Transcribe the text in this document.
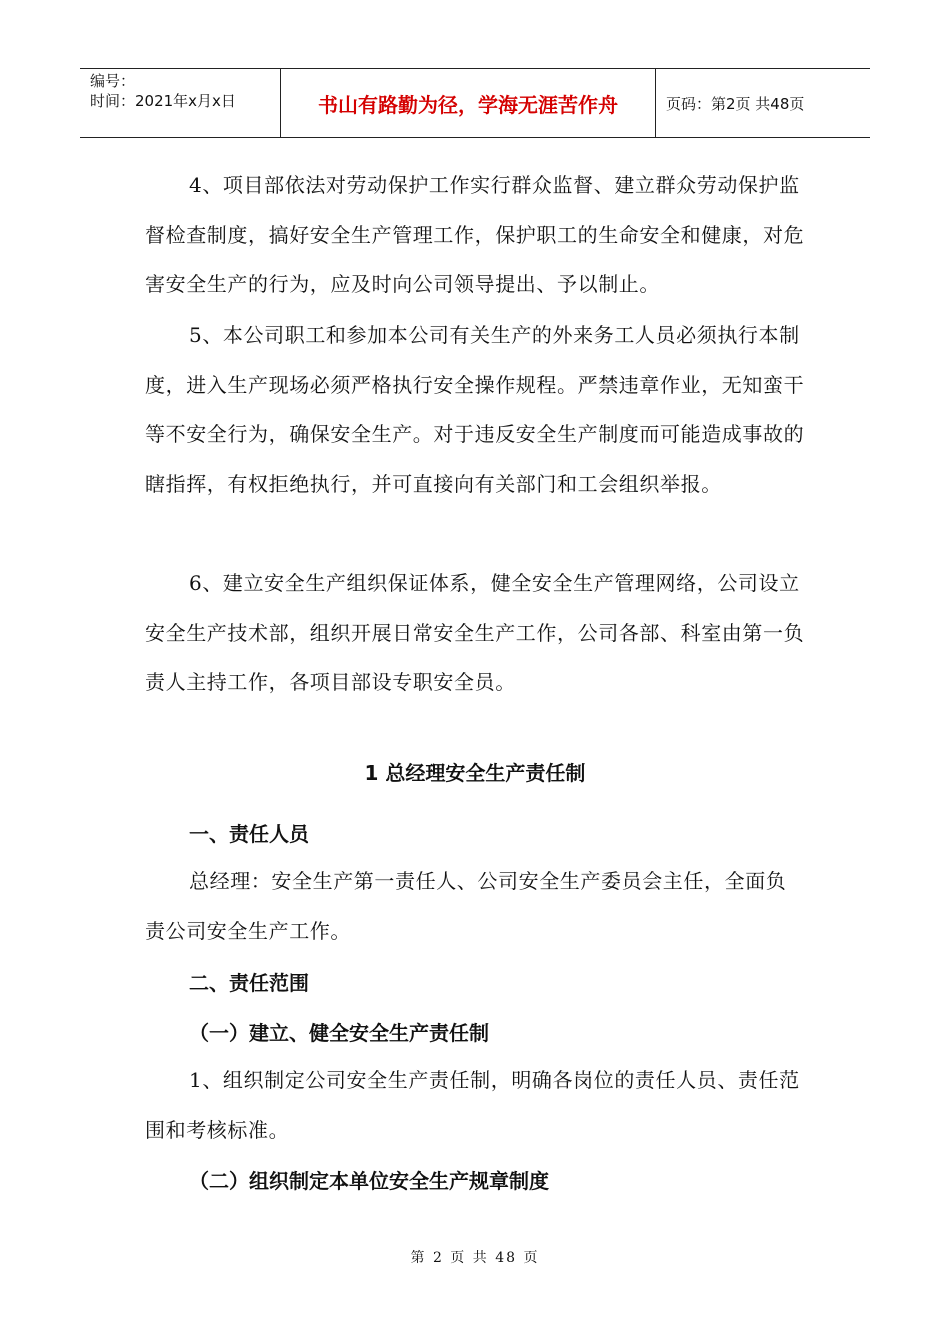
编号：
时间：2021年x月x日	书山有路勤为径，学海无涯苦作舟	页码：第2页 共48页

4、项目部依法对劳动保护工作实行群众监督、建立群众劳动保护监督检查制度，搞好安全生产管理工作，保护职工的生命安全和健康，对危害安全生产的行为，应及时向公司领导提出、予以制止。

5、本公司职工和参加本公司有关生产的外来务工人员必须执行本制度，进入生产现场必须严格执行安全操作规程。严禁违章作业，无知蛮干等不安全行为，确保安全生产。对于违反安全生产制度而可能造成事故的瞎指挥，有权拒绝执行，并可直接向有关部门和工会组织举报。

6、建立安全生产组织保证体系，健全安全生产管理网络，公司设立安全生产技术部，组织开展日常安全生产工作，公司各部、科室由第一负责人主持工作，各项目部设专职安全员。

1 总经理安全生产责任制
一、责任人员

总经理：安全生产第一责任人、公司安全生产委员会主任，全面负责公司安全生产工作。

二、责任范围
（一）建立、健全安全生产责任制

1、组织制定公司安全生产责任制，明确各岗位的责任人员、责任范围和考核标准。

（二）组织制定本单位安全生产规章制度
第 2 页 共 48 页
